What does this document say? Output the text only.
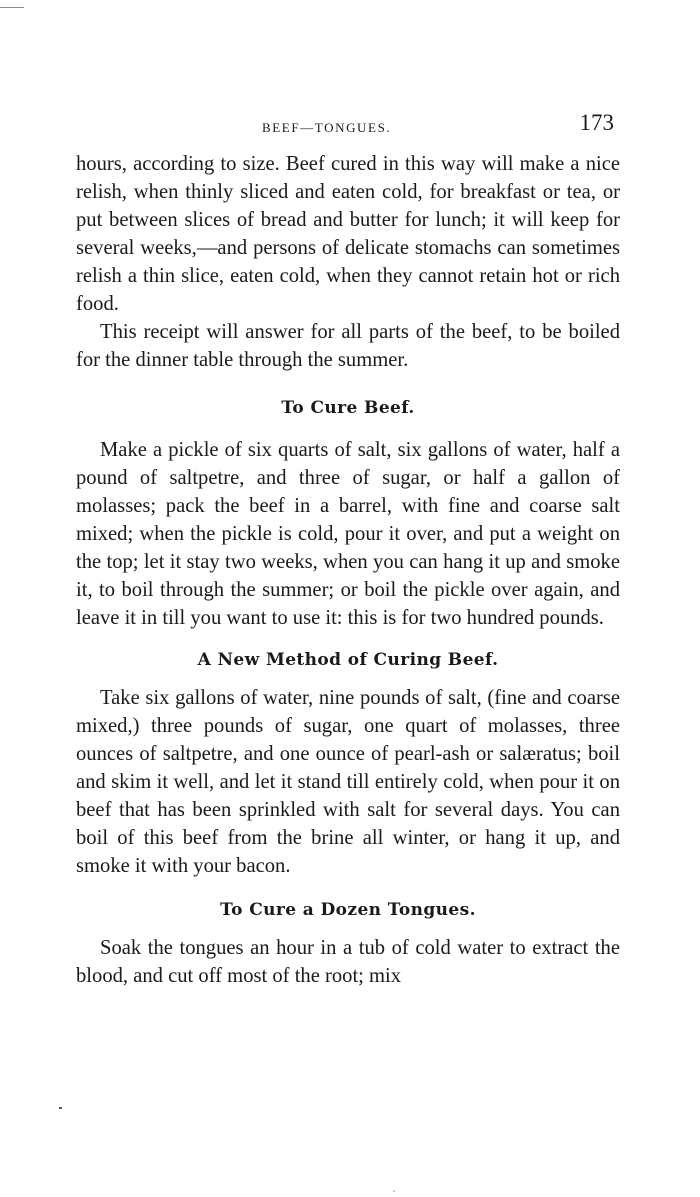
BEEF—TONGUES.	173

hours, according to size. Beef cured in this way will make a nice relish, when thinly sliced and eaten cold, for breakfast or tea, or put between slices of bread and butter for lunch; it will keep for several weeks,—and persons of delicate stomachs can sometimes relish a thin slice, eaten cold, when they cannot retain hot or rich food.

This receipt will answer for all parts of the beef, to be boiled for the dinner table through the summer.

To Cure Beef.

Make a pickle of six quarts of salt, six gallons of water, half a pound of saltpetre, and three of sugar, or half a gallon of molasses; pack the beef in a barrel, with fine and coarse salt mixed; when the pickle is cold, pour it over, and put a weight on the top; let it stay two weeks, when you can hang it up and smoke it, to boil through the summer; or boil the pickle over again, and leave it in till you want to use it: this is for two hundred pounds.

A New Method of Curing Beef.

Take six gallons of water, nine pounds of salt, (fine and coarse mixed,) three pounds of sugar, one quart of molasses, three ounces of saltpetre, and one ounce of pearl-ash or salæratus; boil and skim it well, and let it stand till entirely cold, when pour it on beef that has been sprinkled with salt for several days. You can boil of this beef from the brine all winter, or hang it up, and smoke it with your bacon.

To Cure a Dozen Tongues.

Soak the tongues an hour in a tub of cold water to extract the blood, and cut off most of the root; mix
